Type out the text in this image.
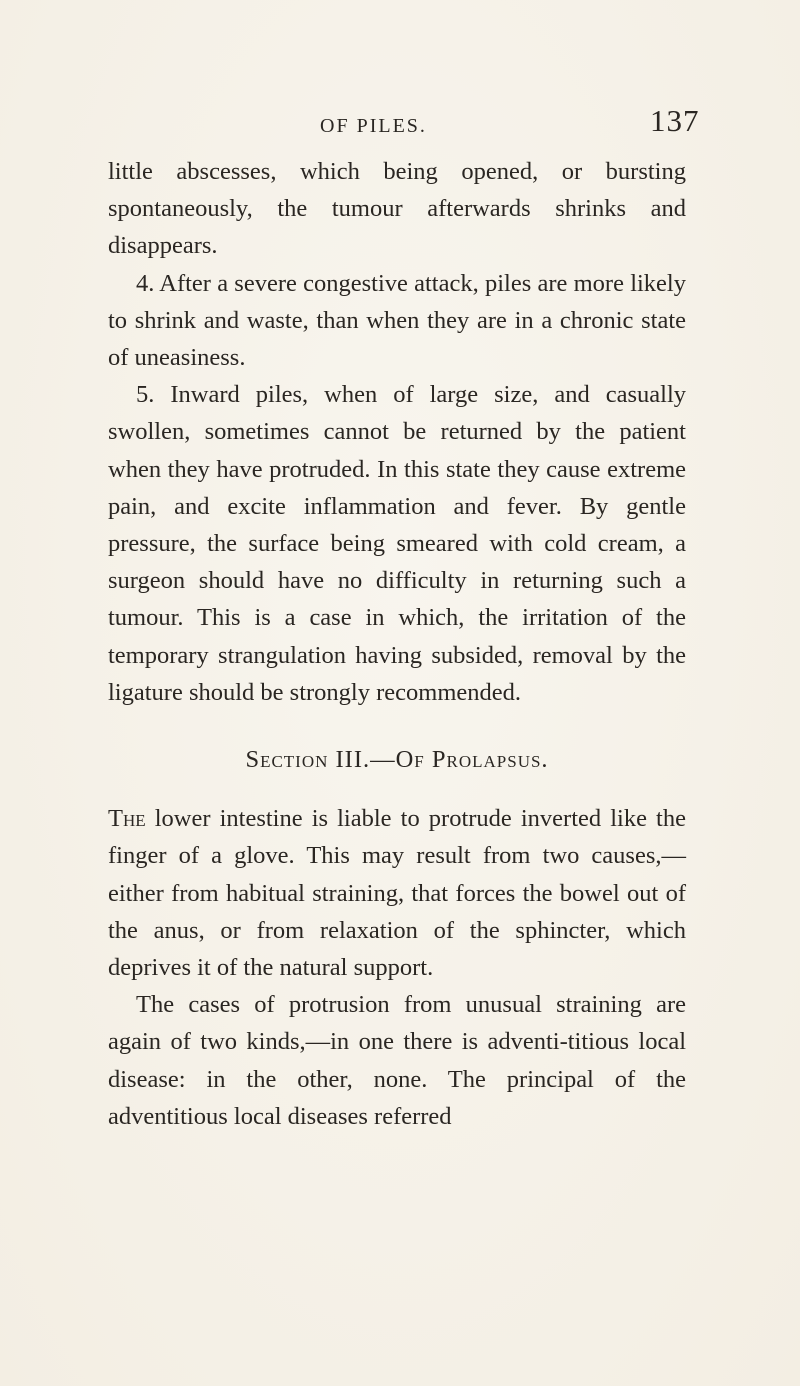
OF PILES.	137

little abscesses, which being opened, or bursting spontaneously, the tumour afterwards shrinks and disappears.

4. After a severe congestive attack, piles are more likely to shrink and waste, than when they are in a chronic state of uneasiness.

5. Inward piles, when of large size, and casually swollen, sometimes cannot be returned by the patient when they have protruded. In this state they cause extreme pain, and excite inflammation and fever. By gentle pressure, the surface being smeared with cold cream, a surgeon should have no difficulty in returning such a tumour. This is a case in which, the irritation of the temporary strangulation having subsided, removal by the ligature should be strongly recommended.

Section III.—Of Prolapsus.

The lower intestine is liable to protrude inverted like the finger of a glove. This may result from two causes,—either from habitual straining, that forces the bowel out of the anus, or from relaxation of the sphincter, which deprives it of the natural support.

The cases of protrusion from unusual straining are again of two kinds,—in one there is adventi-titious local disease: in the other, none. The principal of the adventitious local diseases referred
